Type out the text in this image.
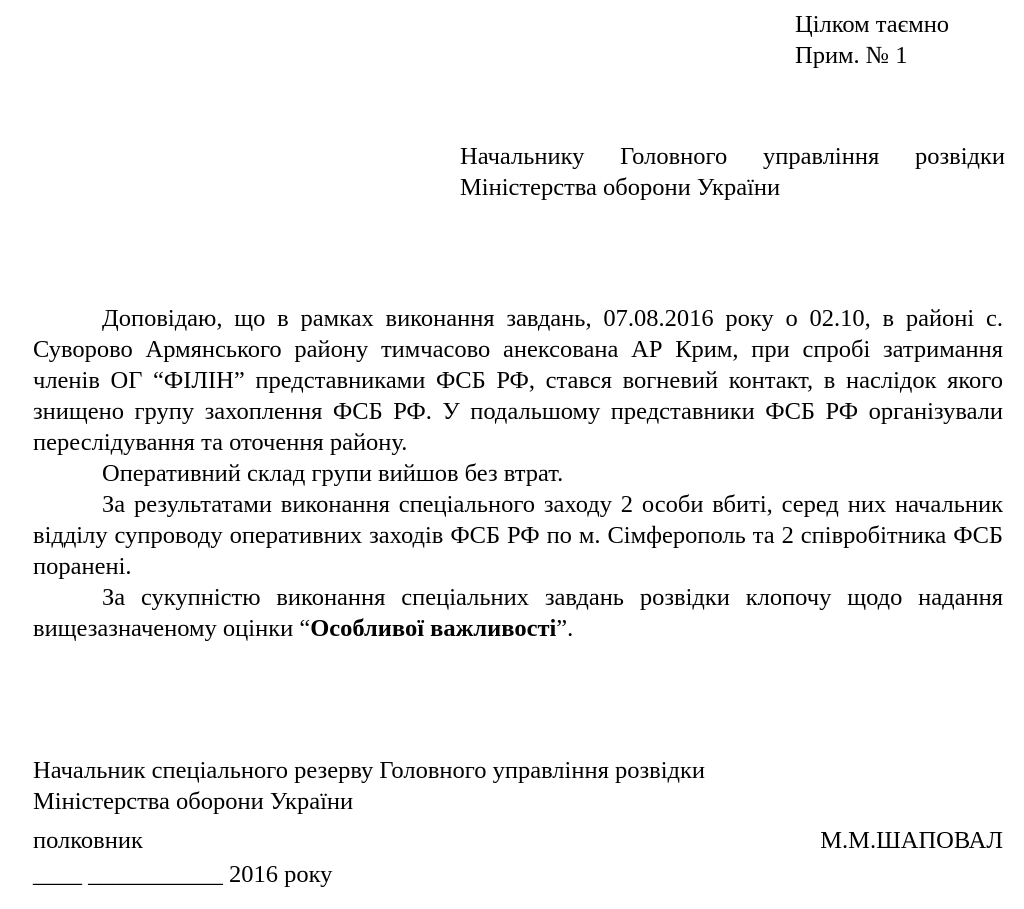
Цілком таємно
Прим. № 1
Начальнику Головного управління розвідки
Міністерства оборони України

Доповідаю, що в рамках виконання завдань, 07.08.2016 року о 02.10, в районі с. Суворово Армянського району тимчасово анексована АР Крим, при спробі затримання членів ОГ “ФІЛІН” представниками ФСБ РФ, стався вогневий контакт, в наслідок якого знищено групу захоплення ФСБ РФ. У подальшому представники ФСБ РФ організували переслідування та оточення району.

Оперативний склад групи вийшов без втрат.

За результатами виконання спеціального заходу 2 особи вбиті, серед них начальник відділу супроводу оперативних заходів ФСБ РФ по м. Сімферополь та 2 співробітника ФСБ поранені.

За сукупністю виконання спеціальних завдань розвідки клопочу щодо надання вищезазначеному оцінки “Особливої важливості”.

Начальник спеціального резерву Головного управління розвідки
Міністерства оборони України
полковник	М.М.ШАПОВАЛ
____ ___________ 2016 року
